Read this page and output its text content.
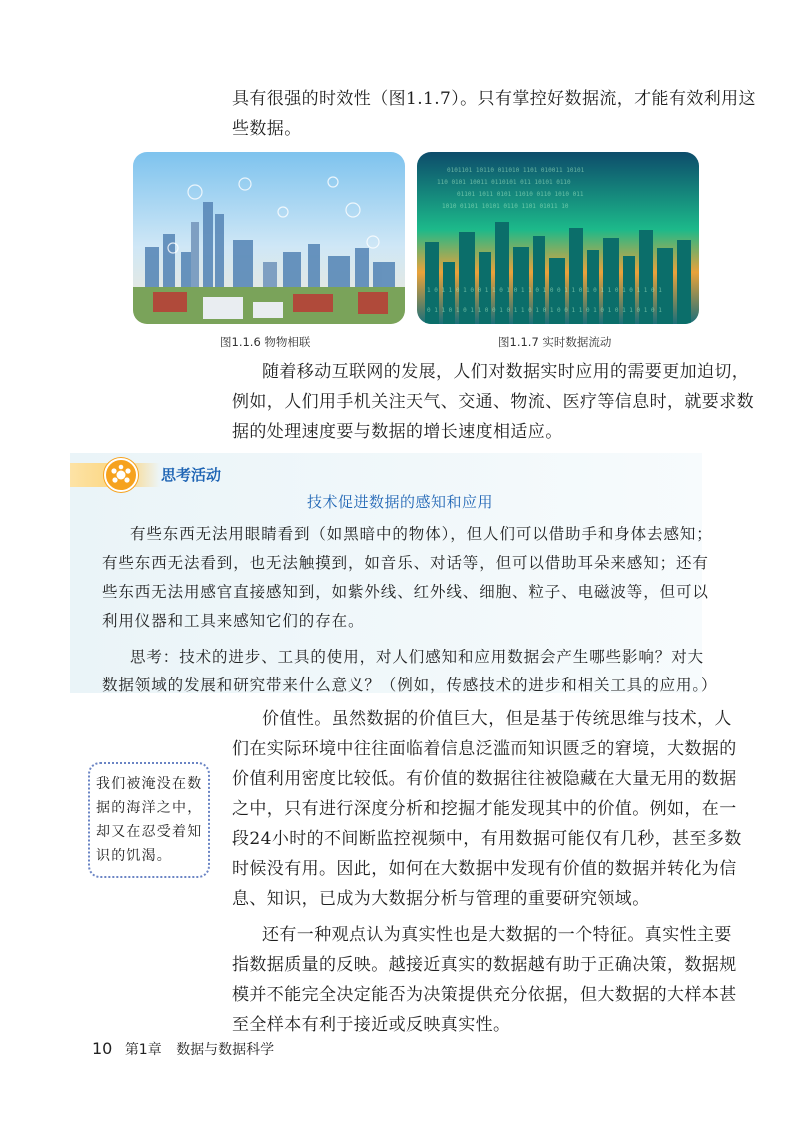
具有很强的时效性（图1.1.7）。只有掌控好数据流，才能有效利用这
些数据。
图1.1.6 物物相联
0101101 10110 011010 1101 010011 10101
110 0101 10011 0110101 011 10101 0110
01101 1011 0101 11010 0110 1010 011
1010 01101 10101 0110 1101 01011 10
1 0 1 1 0 1 0 0 1 1 0 1 0 1 1 0 1 0 0 1 1 0 1 0 1 1 0 1 0 1 1 0 1
0 1 1 0 1 0 1 1 0 0 1 0 1 1 0 1 0 1 0 0 1 1 0 1 0 1 0 1 1 0 1 0 1
图1.1.7 实时数据流动
随着移动互联网的发展，人们对数据实时应用的需要更加迫切，
例如，人们用手机关注天气、交通、物流、医疗等信息时，就要求数
据的处理速度要与数据的增长速度相适应。
思考活动
技术促进数据的感知和应用
有些东西无法用眼睛看到（如黑暗中的物体），但人们可以借助手和身体去感知；
有些东西无法看到，也无法触摸到，如音乐、对话等，但可以借助耳朵来感知；还有
些东西无法用感官直接感知到，如紫外线、红外线、细胞、粒子、电磁波等，但可以
利用仪器和工具来感知它们的存在。
思考：技术的进步、工具的使用，对人们感知和应用数据会产生哪些影响？对大
数据领域的发展和研究带来什么意义？（例如，传感技术的进步和相关工具的应用。）
价值性。虽然数据的价值巨大，但是基于传统思维与技术，人
们在实际环境中往往面临着信息泛滥而知识匮乏的窘境，大数据的
价值利用密度比较低。有价值的数据往往被隐藏在大量无用的数据
之中，只有进行深度分析和挖掘才能发现其中的价值。例如，在一
段24小时的不间断监控视频中，有用数据可能仅有几秒，甚至多数
时候没有用。因此，如何在大数据中发现有价值的数据并转化为信
息、知识，已成为大数据分析与管理的重要研究领域。
我们被淹没在数据的海洋之中，却又在忍受着知识的饥渴。
还有一种观点认为真实性也是大数据的一个特征。真实性主要
指数据质量的反映。越接近真实的数据越有助于正确决策，数据规
模并不能完全决定能否为决策提供充分依据，但大数据的大样本甚
至全样本有利于接近或反映真实性。
10 第1章 数据与数据科学
